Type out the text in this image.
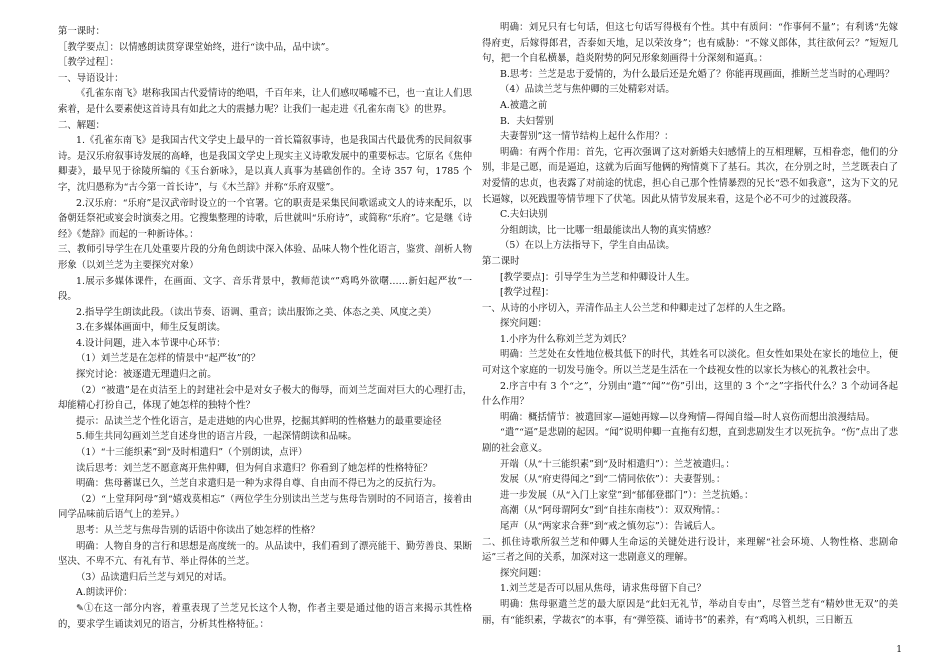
第一课时：

［教学要点］：以情感朗读贯穿课堂始终，进行“读中品，品中读”。

［教学过程］：

一、导语设计：

《孔雀东南飞》堪称我国古代爱情诗的绝唱，千百年来，让人们感叹唏嘘不已，也一直让人们思索着，是什么要素使这首诗具有如此之大的震撼力呢？让我们一起走进《孔雀东南飞》的世界。

二、解题：

1.《孔雀东南飞》是我国古代文学史上最早的一首长篇叙事诗，也是我国古代最优秀的民间叙事诗。是汉乐府叙事诗发展的高峰，也是我国文学史上现实主义诗歌发展中的重要标志。它原名《焦仲卿妻》，最早见于徐陵所编的《玉台新咏》，是以真人真事为基础创作的。全诗 357 句，1785 个字，沈归愚称为“古今第一首长诗”，与《木兰辞》并称“乐府双璧”。

2.汉乐府：“乐府”是汉武帝时设立的一个官署。它的职责是采集民间歌谣或文人的诗来配乐，以备朝廷祭祀或宴会时演奏之用。它搜集整理的诗歌，后世就叫“乐府诗”，或简称“乐府”。它是继《诗经》《楚辞》而起的一种新诗体。：

三、教师引导学生在几处重要片段的分角色朗读中深入体验、品味人物个性化语言，鉴赏、剖析人物形象（以刘兰芝为主要探究对象）

1.展示多媒体课件，在画面、文字、音乐背景中，教师范读“”鸡鸣外欲曙……新妇起严妆”一段。

2.指导学生朗读此段。（读出节奏、语调、重音；读出服饰之美、体态之美、风度之美）

3.在多媒体画面中，师生反复朗读。

4.设计问题，进入本节课中心环节：

（1）刘兰芝是在怎样的情景中“起严妆”的？

探究讨论：被逐遣无理遣归之前。

（2）“被遣”是在贞洁至上的封建社会中是对女子极大的侮辱，而刘兰芝面对巨大的心理打击，却能精心打扮自己，体现了她怎样的独特个性？

提示：品读兰芝个性化语言，是走进她的内心世界，挖掘其鲜明的性格魅力的最重要途径

5.师生共同勾画刘兰芝自述身世的语言片段，一起深情朗读和品味。

（1）“十三能织素”到“及时相遣归”（个别朗读，点评）

读后思考：刘兰芝不愿意离开焦仲卿，但为何自求遣归？你看到了她怎样的性格特征？

明确：焦母蓄谋已久，兰芝自求遣归是一种为求得自尊、自由而不得已为之的反抗行为。

（2）“上堂拜阿母”到“嬉戏莫相忘”（两位学生分别读出兰芝与焦母告别时的不同语言，接着由同学品味前后语气上的差异。）

思考：从兰芝与焦母告别的话语中你读出了她怎样的性格？

明确：人物自身的言行和思想是高度统一的。从品读中，我们看到了漂亮能干、勤劳善良、果断坚决、不卑不亢、有礼有节、举止得体的兰芝。

（3）品读遣归后兰芝与刘兄的对话。

A.朗读评价：

✎①在这一部分内容，着重表现了兰芝兄长这个人物，作者主要是通过他的语言来揭示其性格的，要求学生诵读刘兄的语言，分析其性格特征。：

明确：刘兄只有七句话，但这七句话写得极有个性。其中有质问：“作事何不量”；有利诱“先嫁得府吏，后嫁得郎君，否泰如天地，足以荣汝身”；也有威胁：“不嫁义郎体，其往欲何云？”短短几句，把一个自私横暴，趋炎附势的阿兄形象刻画得十分深刻和逼真。：

B.思考：兰芝是忠于爱情的，为什么最后还是允婚了？你能再现画面，推断兰芝当时的心理吗？

（4）品读兰芝与焦仲卿的三处精彩对话。

A.被遣之前

B．夫妇誓别

夫妻誓别”这一情节结构上起什么作用？：

明确：有两个作用：首先，它再次强调了这对新婚夫妇感情上的互相理解，互相眷恋，他们的分别，非是己愿，而是逼迫，这就为后面写他俩的殉情奠下了基石。其次，在分别之时，兰芝既表白了对爱情的忠贞，也表露了对前途的忧虑，担心自己那个性情暴烈的兄长“恐不如我意”，这为下文的兄长逼嫁，以死践盟等情节埋下了伏笔。因此从情节发展来看，这是个必不可少的过渡段落。

C.夫妇诀别

分组朗读，比一比哪一组最能读出人物的真实情感？

（5）在以上方法指导下，学生自由品读。

第二课时

[教学要点]：引导学生为兰芝和仲卿设计人生。

[教学过程]：

一、从诗的小序切入，弄清作品主人公兰芝和仲卿走过了怎样的人生之路。

探究问题：

1.小序为什么称刘兰芝为刘氏？

明确：兰芝处在女性地位极其低下的时代，其姓名可以淡化。但女性如果处在家长的地位上，便可对这个家庭的一切发号施令。所以兰芝是生活在一个歧视女性的以家长为核心的礼教社会中。

2.序言中有 3 个“之”，分别由“遣”“闻”“伤”引出，这里的 3 个“之”字指代什么？3 个动词各起什么作用？

明确：概括情节：被遣回家—逼她再嫁—以身殉情—得闻自缢—时人哀伤而想出浪漫结局。

“遣”“逼”是悲剧的起因。“闻”说明仲卿一直拖有幻想，直到悲剧发生才以死抗争。“伤”点出了悲剧的社会意义。

开端（从“十三能织素”到“及时相遣归”）：兰芝被遣归。：

发展（从“府吏得闻之”到“二情同依依”）：夫妻誓别。：

进一步发展（从“入门上家堂”到“郁郁登郡门”）：兰芝抗婚。：

高潮（从“阿母谓阿女”到“自挂东南枝”）：双双殉情。：

尾声（从“两家求合葬”到“戒之慎勿忘”）：告诫后人。

二、抓住诗歌所叙兰芝和仲卿人生命运的关键处进行设计，来理解“社会环境、人物性格、悲剧命运”三者之间的关系，加深对这一悲剧意义的理解。

探究问题：

1.刘兰芝是否可以屈从焦母，请求焦母留下自己？

明确：焦母驱遣兰芝的最大原因是“此妇无礼节，举动自专由”，尽管兰芝有“精妙世无双”的美丽，有“能织素，学裁衣”的本事，有“弹箜篌、诵诗书”的素养，有“鸡鸣入机织，三日断五

1
